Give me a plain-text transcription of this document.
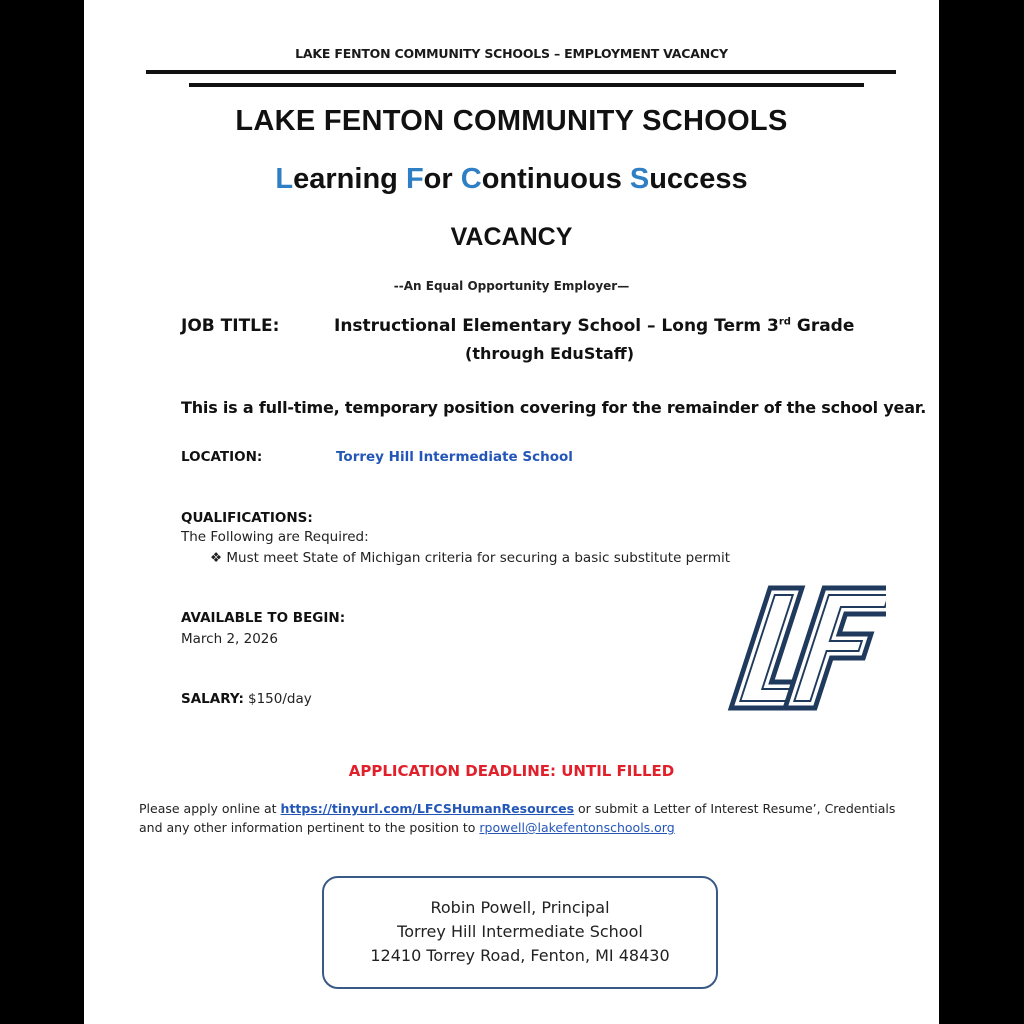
LAKE FENTON COMMUNITY SCHOOLS – EMPLOYMENT VACANCY
LAKE FENTON COMMUNITY SCHOOLS
Learning For Continuous Success
VACANCY
--An Equal Opportunity Employer—
JOB TITLE:	Instructional Elementary School – Long Term 3rd Grade
(through EduStaff)
This is a full-time, temporary position covering for the remainder of the school year.
LOCATION:	Torrey Hill Intermediate School
QUALIFICATIONS:
The Following are Required:
❖ Must meet State of Michigan criteria for securing a basic substitute permit
AVAILABLE TO BEGIN:
March 2, 2026
SALARY: $150/day
APPLICATION DEADLINE: UNTIL FILLED
Please apply online at https://tinyurl.com/LFCSHumanResources or submit a Letter of Interest Resume’, Credentials
and any other information pertinent to the position to rpowell@lakefentonschools.org
Robin Powell, Principal
Torrey Hill Intermediate School
12410 Torrey Road, Fenton, MI 48430
